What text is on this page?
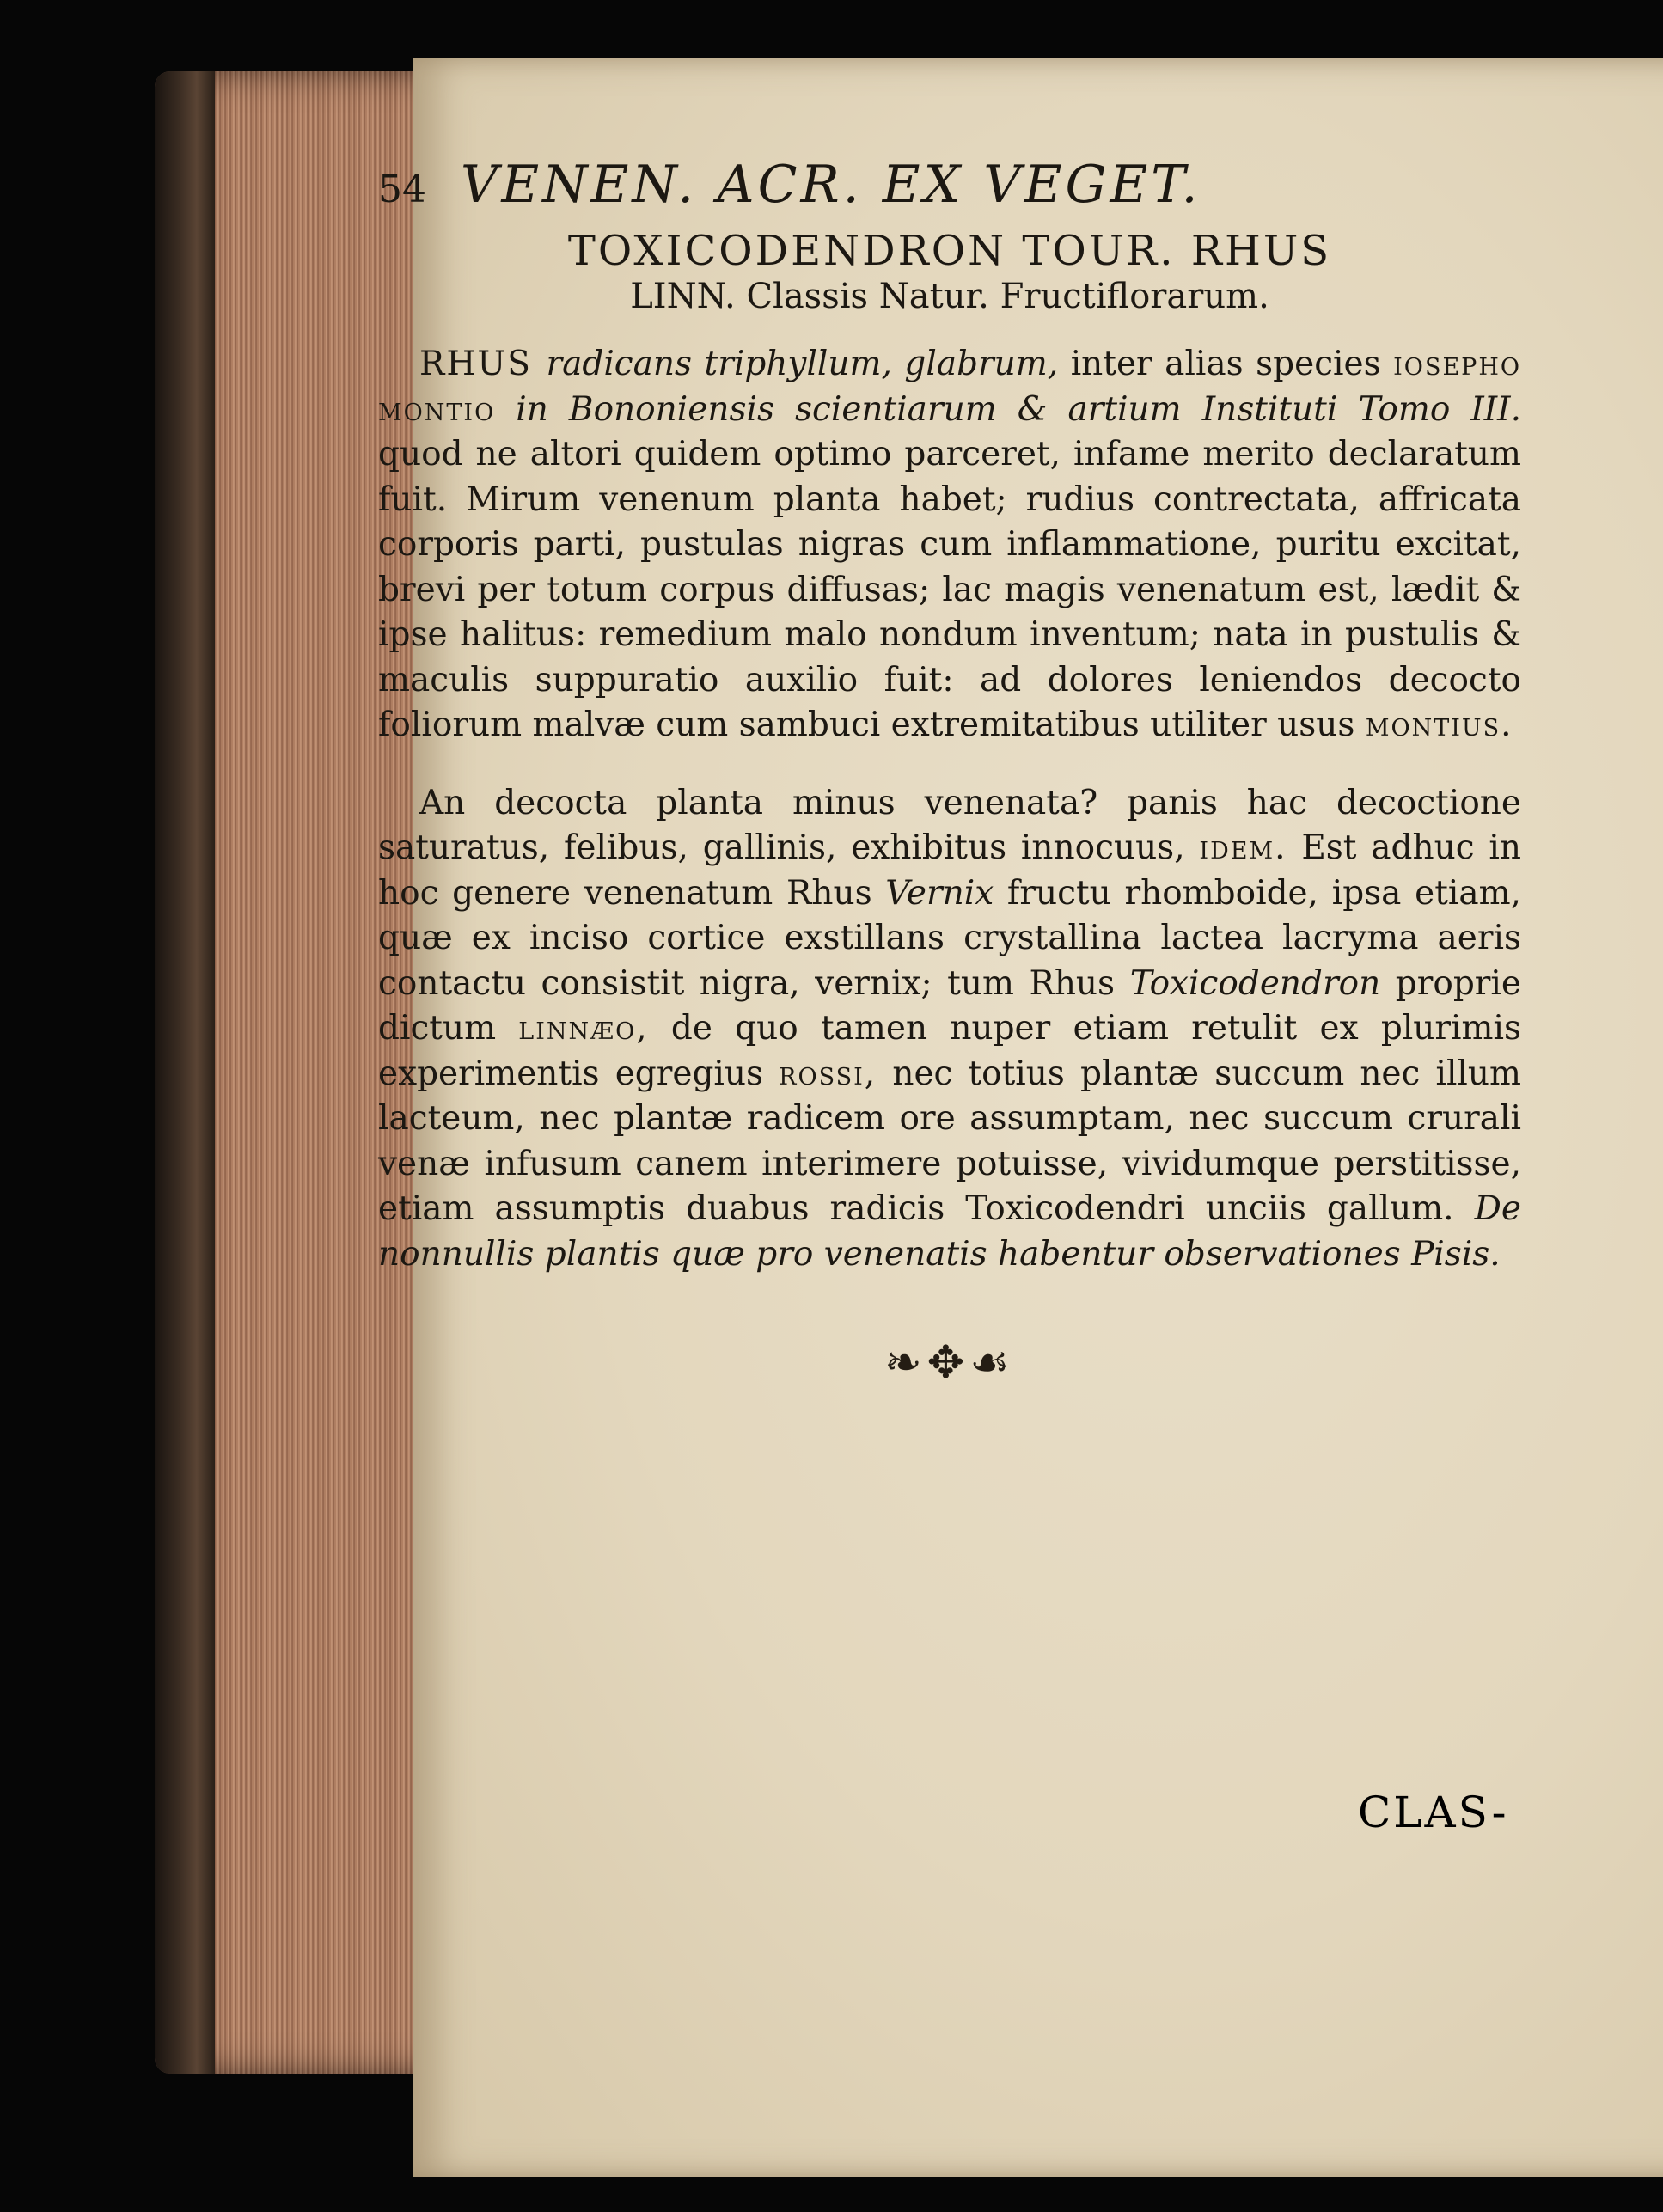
54 VENEN. ACR. EX VEGET.
TOXICODENDRON TOUR. RHUS
LINN. Classis Natur. Fructiflorarum.

RHUS radicans triphyllum, glabrum, inter alias species iosepho montio in Bononiensis scientiarum & artium Instituti Tomo III. quod ne altori quidem optimo parceret, infame merito declaratum fuit. Mirum venenum planta habet; rudius contrectata, affricata corporis parti, pustulas nigras cum inflammatione, puritu excitat, brevi per totum corpus diffusas; lac magis venenatum est, lædit & ipse halitus: remedium malo nondum inventum; nata in pustulis & maculis suppuratio auxilio fuit: ad dolores leniendos decocto foliorum malvæ cum sambuci extremitatibus utiliter usus montius.

An decocta planta minus venenata? panis hac decoctione saturatus, felibus, gallinis, exhibitus innocuus, idem. Est adhuc in hoc genere venenatum Rhus Vernix fructu rhomboide, ipsa etiam, quæ ex inciso cortice exstillans crystallina lactea lacryma aeris contactu consistit nigra, vernix; tum Rhus Toxicodendron proprie dictum linnæo, de quo tamen nuper etiam retulit ex plurimis experimentis egregius rossi, nec totius plantæ succum nec illum lacteum, nec plantæ radicem ore assumptam, nec succum crurali venæ infusum canem interimere potuisse, vividumque perstitisse, etiam assumptis duabus radicis Toxicodendri unciis gallum. De nonnullis plantis quæ pro venenatis habentur observationes Pisis.

❧✥☙
CLAS-
